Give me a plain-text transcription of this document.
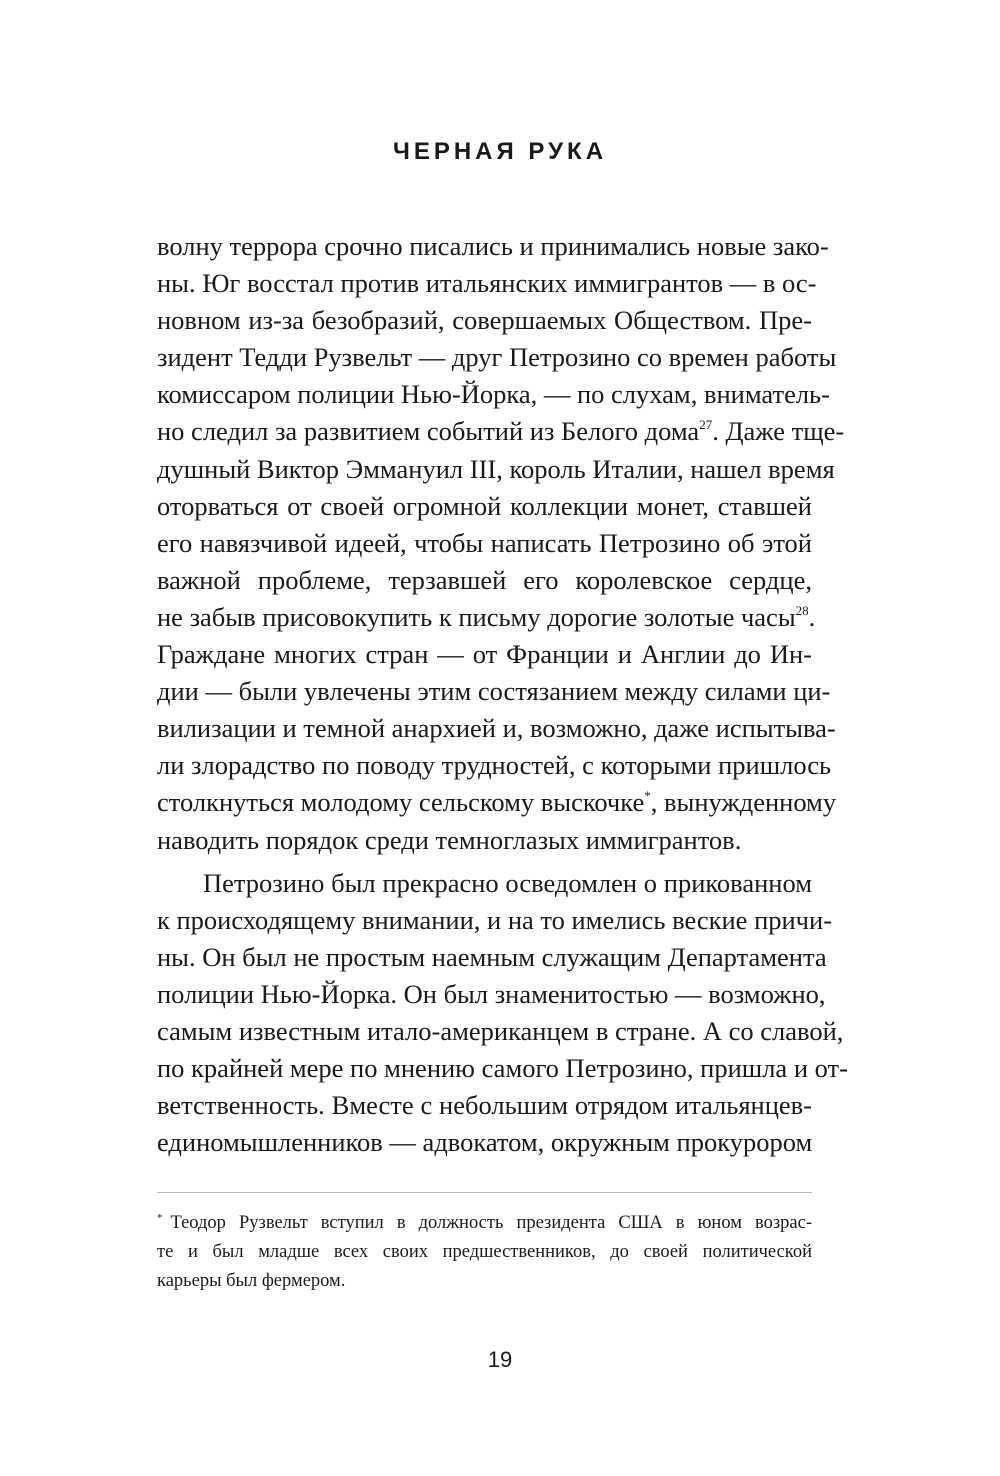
ЧЕРНАЯ РУКА
волну террора срочно писались и принимались новые зако-
ны. Юг восстал против итальянских иммигрантов — в ос-
новном из-за безобразий, совершаемых Обществом. Пре-
зидент Тедди Рузвельт — друг Петрозино со времен работы
комиссаром полиции Нью-Йорка, — по слухам, вниматель-
но следил за развитием событий из Белого дома$^{27}$. Даже тще-
душный Виктор Эммануил III, король Италии, нашел время
оторваться от своей огромной коллекции монет, ставшей
его навязчивой идеей, чтобы написать Петрозино об этой
важной проблеме, терзавшей его королевское сердце,
не забыв присовокупить к письму дорогие золотые часы$^{28}$.
Граждане многих стран — от Франции и Англии до Ин-
дии — были увлечены этим состязанием между силами ци-
вилизации и темной анархией и, возможно, даже испытыва-
ли злорадство по поводу трудностей, с которыми пришлось
столкнуться молодому сельскому выскочке*, вынужденному
наводить порядок среди темноглазых иммигрантов.
Петрозино был прекрасно осведомлен о прикованном
к происходящему внимании, и на то имелись веские причи-
ны. Он был не простым наемным служащим Департамента
полиции Нью-Йорка. Он был знаменитостью — возможно,
самым известным итало-американцем в стране. А со славой,
по крайней мере по мнению самого Петрозино, пришла и от-
ветственность. Вместе с небольшим отрядом итальянцев-
единомышленников — адвокатом, окружным прокурором
* Теодор Рузвельт вступил в должность президента США в юном возрас-
те и был младше всех своих предшественников, до своей политической
карьеры был фермером.
19
